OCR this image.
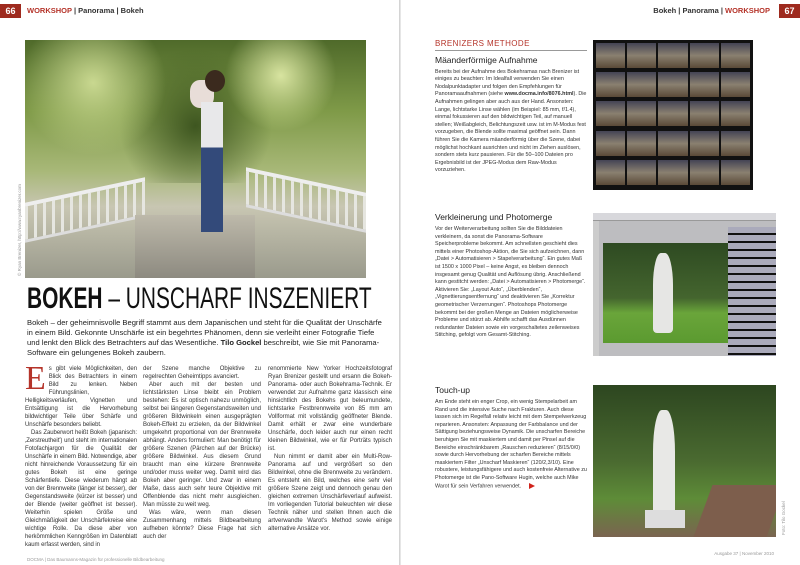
66	WORKSHOP | Panorama | Bokeh
© Ryan Brenizer, http://www.ryanbrenizer.com
BOKEH – UNSCHARF INSZENIERT
Bokeh – der geheimnisvolle Begriff stammt aus dem Japanischen und steht für die Qualität der Unschärfe in einem Bild. Gekonnte Unschärfe ist ein begehrtes Phänomen, denn sie verleiht einer Fotografie Tiefe und lenkt den Blick des Betrachters auf das Wesentliche. Tilo Gockel beschreibt, wie Sie mit Panorama-Software ein gelungenes Bokeh zaubern.

Es gibt viele Möglichkeiten, den Blick des Betrachters in einem Bild zu lenken. Neben Führungslinien, Helligkeitsverläufen, Vignetten und Entsättigung ist die Hervorhebung bildwichtiger Teile über Schärfe und Unschärfe besonders beliebt.

Das Zauberwort heißt Bokeh (japanisch: ‚Zerstreutheit') und steht im internationalen Fotofachjargon für die Qualität der Unschärfe in einem Bild. Notwendige, aber nicht hinreichende Voraussetzung für ein gutes Bokeh ist eine geringe Schärfentiefe. Diese wiederum hängt ab von der Brennweite (länger ist besser), der Gegenstandsweite (kürzer ist besser) und der Blende (weiter geöffnet ist besser). Weiterhin spielen Größe und Gleichmäßigkeit der Unschärfekreise eine wichtige Rolle. Da diese aber von herkömmlichen Kenngrößen im Datenblatt kaum erfasst werden, sind in

der Szene manche Objektive zu regelrechten Geheimtipps avanciert.

Aber auch mit der besten und lichtstärksten Linse bleibt ein Problem bestehen: Es ist optisch nahezu unmöglich, selbst bei längeren Gegenstandsweiten und größeren Bildwinkeln einen ausgeprägten Bokeh-Effekt zu erzielen, da der Bildwinkel umgekehrt proportional von der Brennweite abhängt. Anders formuliert: Man benötigt für größere Szenen (Pärchen auf der Brücke) größere Bildwinkel. Aus diesem Grund braucht man eine kürzere Brennweite und/oder muss weiter weg. Damit wird das Bokeh aber geringer. Und zwar in einem Maße, dass auch sehr teure Objektive mit Offenblende das nicht mehr ausgleichen. Man müsste zu weit weg.

Was wäre, wenn man diesen Zusammenhang mittels Bildbearbeitung aufheben könnte? Diese Frage hat sich auch der

renommierte New Yorker Hochzeitsfotograf Ryan Brenizer gestellt und ersann die Bokeh-Panorama- oder auch Bokehrama-Technik. Er verwendet zur Aufnahme ganz klassisch eine hinsichtlich des Bokehs gut beleumundete, lichtstarke Festbrennweite von 85 mm am Vollformat mit vollständig geöffneter Blende. Damit erhält er zwar eine wunderbare Unschärfe, doch leider auch nur einen recht kleinen Bildwinkel, wie er für Porträts typisch ist.

Nun nimmt er damit aber ein Multi-Row-Panorama auf und vergrößert so den Bildwinkel, ohne die Brennweite zu verändern. Es entsteht ein Bild, welches eine sehr viel größere Szene zeigt und dennoch genau den gleichen extremen Unschärfeverlauf aufweist. Im vorliegenden Tutorial beleuchten wir diese Technik näher und stellen Ihnen auch die artverwandte Warot's Method sowie einige alternative Ansätze vor.

DOCMA | Das Baumanns-Magazin für professionelle Bildbearbeitung
Bokeh | Panorama | WORKSHOP	67
BRENIZERS METHODE
Mäanderförmige Aufnahme

Bereits bei der Aufnahme des Bokehramas nach Brenizer ist einiges zu beachten: Im Idealfall verwenden Sie einen Nodalpunktadapter und folgen den Empfehlungen für Panoramaaufnahmen (siehe www.docma.info/8076.html). Die Aufnahmen gelingen aber auch aus der Hand. Ansonsten: Lange, lichtstarke Linse wählen (im Beispiel: 85 mm, f/1.4), einmal fokussieren auf den bildwichtigen Teil, auf manuell stellen; Weißabgleich, Belichtungszeit usw. ist im M-Modus fest vorzugeben, die Blende sollte maximal geöffnet sein. Dann führen Sie die Kamera mäanderförmig über die Szene, dabei möglichst hochkant ausrichten und nicht im Ziehen auslösen, sondern stets kurz pausieren. Für die 50–100 Dateien pro Ergebnisbild ist der JPEG-Modus dem Raw-Modus vorzuziehen.

Verkleinerung und Photomerge

Vor der Weiterverarbeitung sollten Sie die Bilddateien verkleinern, da sonst die Panorama-Software Speicherprobleme bekommt. Am schnellsten geschieht dies mittels einer Photoshop-Aktion, die Sie sich aufzeichnen, dann „Datei > Automatisieren > Stapelverarbeitung“. Ein gutes Maß ist 1500 x 1000 Pixel – keine Angst, es bleiben dennoch insgesamt genug Qualität und Auflösung übrig. Anschließend kann gestitcht werden: „Datei > Automatisieren > Photomerge“. Aktivieren Sie: „Layout Auto“, „Überblenden“, „Vignettierungsentfernung“ und deaktivieren Sie „Korrektur geometrischer Verzerrungen“. Photoshops Photomerge bekommt bei der großen Menge an Dateien möglicherweise Probleme und stürzt ab. Abhilfe schafft das Ausdünnen redundanter Dateien sowie ein vorgeschaltetes zeilenweises Stitching, gefolgt vom Gesamt-Stitching.

Touch-up

Am Ende steht ein enger Crop, ein wenig Stempelarbeit am Rand und die intensive Suche nach Frakturen. Auch diese lassen sich im Regelfall relativ leicht mit dem Stempelwerkzeug reparieren. Ansonsten: Anpassung der Farbbalance und der Sättigung beziehungsweise Dynamik. Die unscharfen Bereiche beruhigen Sie mit maskiertem und damit per Pinsel auf die Bereiche einschränkbarem „Rauschen reduzieren“ (8/15/0/0) sowie durch Hervorhebung der scharfen Bereiche mittels maskiertem Filter „Unscharf Maskieren“ (120/2,3/10). Eine robustere, leistungsfähigere und auch kostenfreie Alternative zu Photomerge ist die Pano-Software Hugin, welche auch Mike Warot für sein Verfahren verwendet.

Foto: Tilo Gockel
Ausgabe 37 | November 2010
